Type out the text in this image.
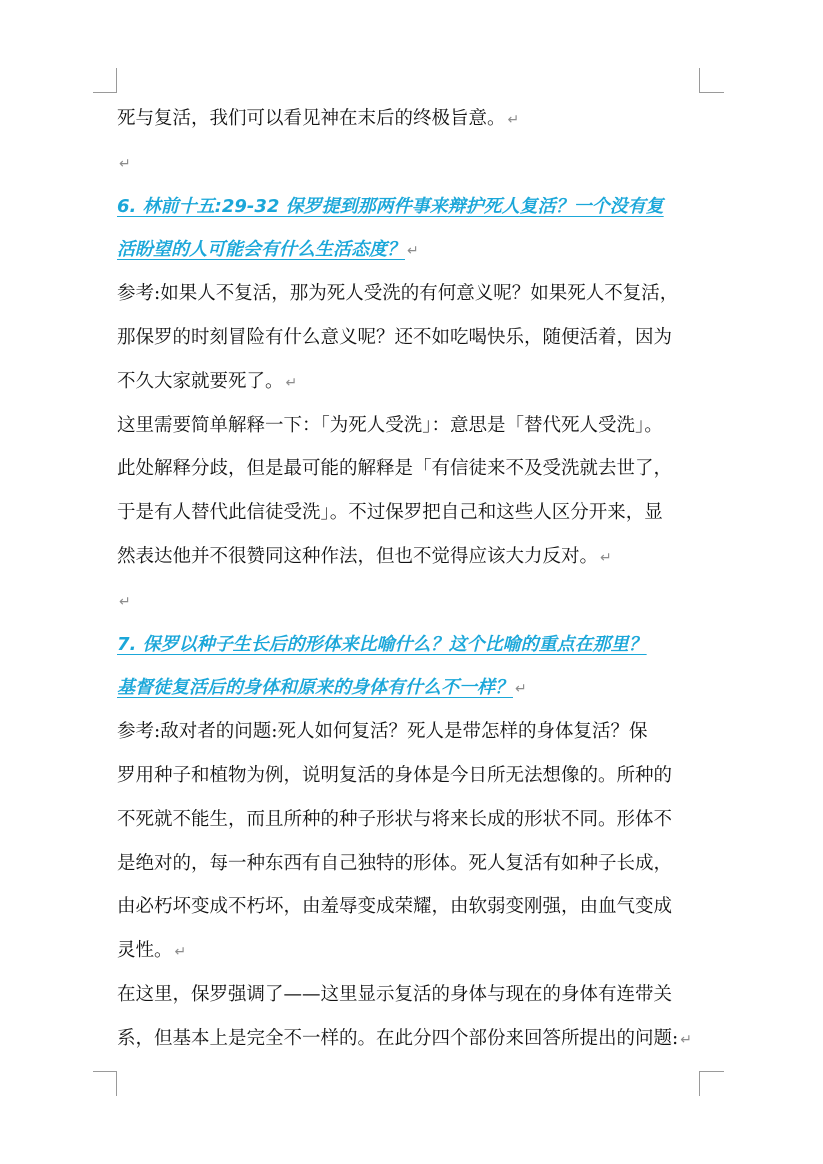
死与复活，我们可以看见神在末后的终极旨意。 ↵
↵
6. 林前十五:29-32 保罗提到那两件事来辩护死人复活？一个没有复
活盼望的人可能会有什么生活态度？ ↵
参考:如果人不复活，那为死人受洗的有何意义呢？如果死人不复活，
那保罗的时刻冒险有什么意义呢？还不如吃喝快乐，随便活着，因为
不久大家就要死了。 ↵
这里需要简单解释一下：「为死人受洗」：意思是「替代死人受洗」。
此处解释分歧，但是最可能的解释是「有信徒来不及受洗就去世了，
于是有人替代此信徒受洗」。不过保罗把自己和这些人区分开来，显
然表达他并不很赞同这种作法，但也不觉得应该大力反对。 ↵
↵
7. 保罗以种子生长后的形体来比喻什么？这个比喻的重点在那里？
基督徒复活后的身体和原来的身体有什么不一样？ ↵
参考:敌对者的问题:死人如何复活？死人是带怎样的身体复活？保
罗用种子和植物为例，说明复活的身体是今日所无法想像的。所种的
不死就不能生，而且所种的种子形状与将来长成的形状不同。形体不
是绝对的，每一种东西有自己独特的形体。死人复活有如种子长成，
由必朽坏变成不朽坏，由羞辱变成荣耀，由软弱变刚强，由血气变成
灵性。 ↵
在这里，保罗强调了——这里显示复活的身体与现在的身体有连带关
系，但基本上是完全不一样的。在此分四个部份来回答所提出的问题: ↵
